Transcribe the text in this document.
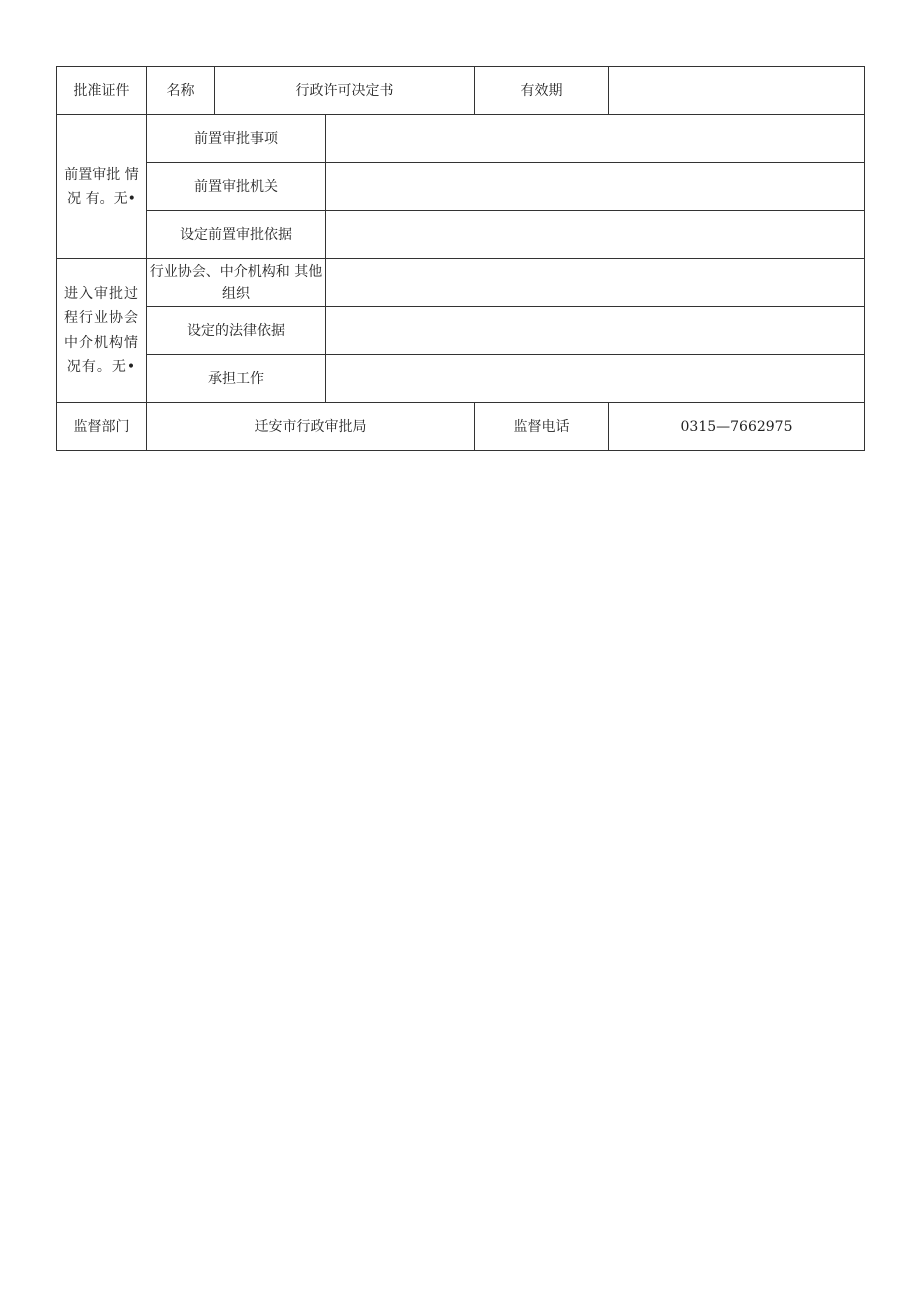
批准证件	名称	行政许可决定书		有效期	

前置审批 情况 有。无•	前置审批事项				
	前置审批机关				
	设定前置审批依据				

进入审批过程行业协会中介机构情况有。无•	行业协会、中介机构和 其他组织				

	设定的法律依据				
	承担工作				
监督部门	迁安市行政审批局			监督电话	0315—7662975
